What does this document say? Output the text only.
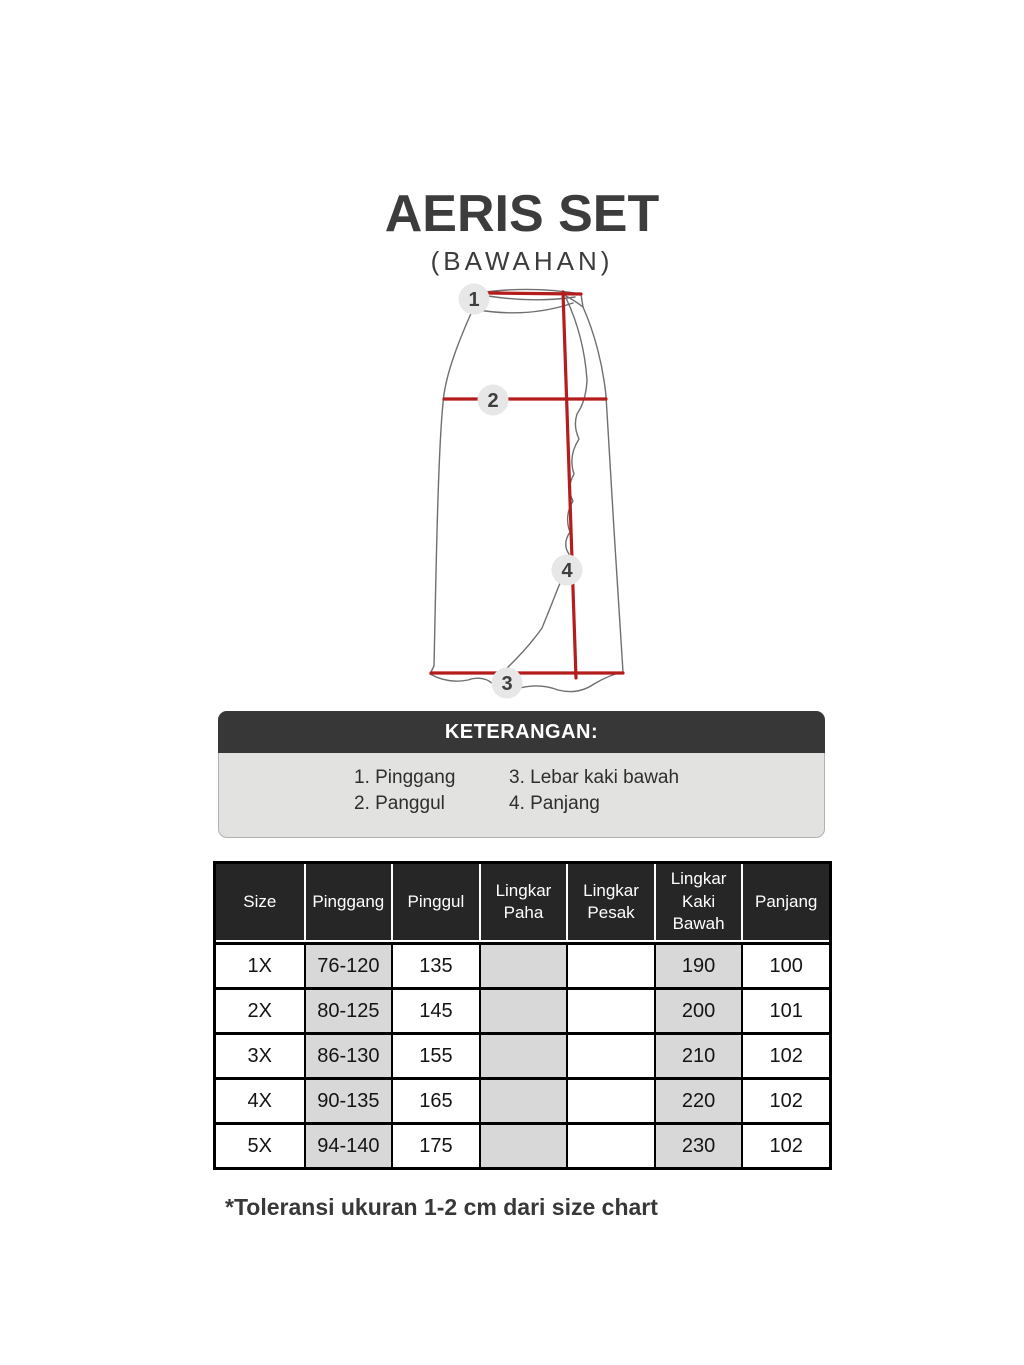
AERIS SET
(BAWAHAN)
1
2
3
4
KETERANGAN:
1. Pinggang
2. Panggul
3. Lebar kaki bawah
4. Panjang
Size	Pinggang	Pinggul	Lingkar Paha	Lingkar Pesak	Lingkar Kaki Bawah	Panjang
1X	76-120	135			190	100
2X	80-125	145			200	101
3X	86-130	155			210	102
4X	90-135	165			220	102
5X	94-140	175			230	102
*Toleransi ukuran 1-2 cm dari size chart
